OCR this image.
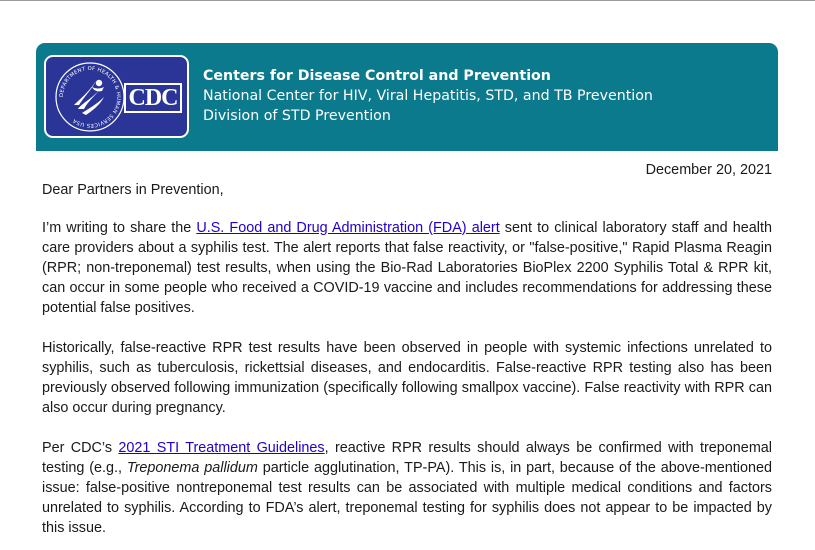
DEPARTMENT OF HEALTH & HUMAN SERVICES USA
CDC
Centers for Disease Control and Prevention
National Center for HIV, Viral Hepatitis, STD, and TB Prevention
Division of STD Prevention

December 20, 2021

Dear Partners in Prevention,

I’m writing to share the U.S. Food and Drug Administration (FDA) alert sent to clinical laboratory staff and health care providers about a syphilis test. The alert reports that false reactivity, or "false-positive," Rapid Plasma Reagin (RPR; non-treponemal) test results, when using the Bio-Rad Laboratories BioPlex 2200 Syphilis Total & RPR kit, can occur in some people who received a COVID-19 vaccine and includes recommendations for addressing these potential false positives.

Historically, false-reactive RPR test results have been observed in people with systemic infections unrelated to syphilis, such as tuberculosis, rickettsial diseases, and endocarditis. False-reactive RPR testing also has been previously observed following immunization (specifically following smallpox vaccine). False reactivity with RPR can also occur during pregnancy.

Per CDC’s 2021 STI Treatment Guidelines, reactive RPR results should always be confirmed with treponemal testing (e.g., Treponema pallidum particle agglutination, TP-PA). This is, in part, because of the above-mentioned issue: false-positive nontreponemal test results can be associated with multiple medical conditions and factors unrelated to syphilis. According to FDA’s alert, treponemal testing for syphilis does not appear to be impacted by this issue.
